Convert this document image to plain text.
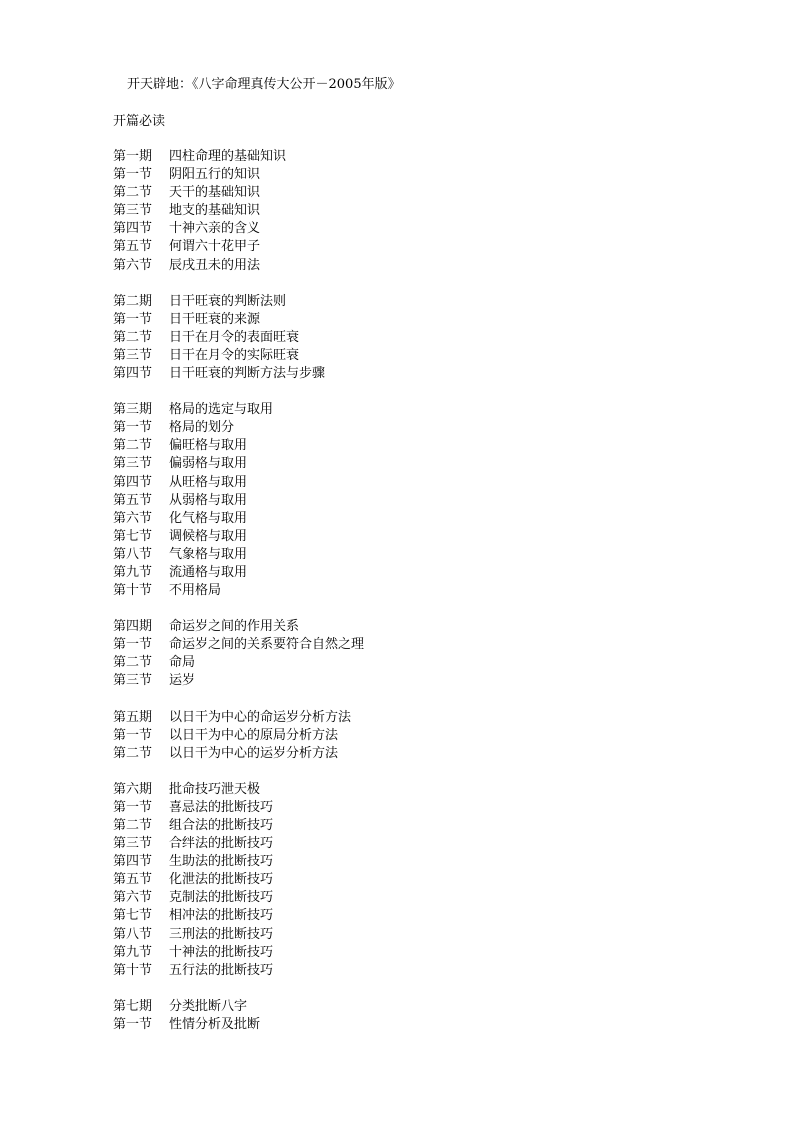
开天辟地：《八字命理真传大公开－2005年版》
开篇必读
第一期	四柱命理的基础知识
第一节	阴阳五行的知识
第二节	天干的基础知识
第三节	地支的基础知识
第四节	十神六亲的含义
第五节	何谓六十花甲子
第六节	辰戌丑未的用法
第二期	日干旺衰的判断法则
第一节	日干旺衰的来源
第二节	日干在月令的表面旺衰
第三节	日干在月令的实际旺衰
第四节	日干旺衰的判断方法与步骤
第三期	格局的选定与取用
第一节	格局的划分
第二节	偏旺格与取用
第三节	偏弱格与取用
第四节	从旺格与取用
第五节	从弱格与取用
第六节	化气格与取用
第七节	调候格与取用
第八节	气象格与取用
第九节	流通格与取用
第十节	不用格局
第四期	命运岁之间的作用关系
第一节	命运岁之间的关系要符合自然之理
第二节	命局
第三节	运岁
第五期	以日干为中心的命运岁分析方法
第一节	以日干为中心的原局分析方法
第二节	以日干为中心的运岁分析方法
第六期	批命技巧泄天极
第一节	喜忌法的批断技巧
第二节	组合法的批断技巧
第三节	合绊法的批断技巧
第四节	生助法的批断技巧
第五节	化泄法的批断技巧
第六节	克制法的批断技巧
第七节	相冲法的批断技巧
第八节	三刑法的批断技巧
第九节	十神法的批断技巧
第十节	五行法的批断技巧
第七期	分类批断八字
第一节	性情分析及批断
